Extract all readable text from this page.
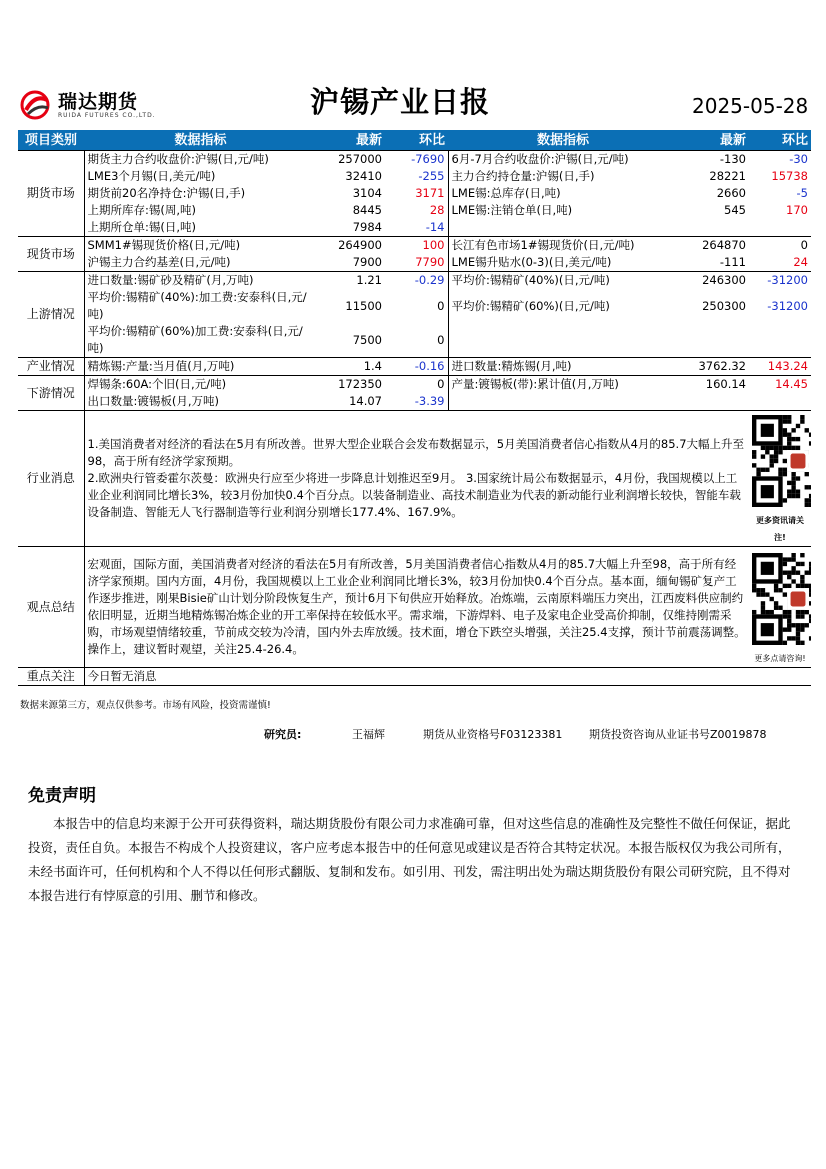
瑞达期货
RUIDA FUTURES CO.,LTD.	沪锡产业日报	2025-05-28
项目类别	数据指标	最新	环比	数据指标	最新	环比
期货市场	期货主力合约收盘价:沪锡(日,元/吨)	257000	-7690	6月-7月合约收盘价:沪锡(日,元/吨)	-130	-30
	LME3个月锡(日,美元/吨)	32410	-255	主力合约持仓量:沪锡(日,手)	28221	15738
	期货前20名净持仓:沪锡(日,手)	3104	3171	LME锡:总库存(日,吨)	2660	-5
	上期所库存:锡(周,吨)	8445	28	LME锡:注销仓单(日,吨)	545	170
	上期所仓单:锡(日,吨)	7984	-14			
现货市场	SMM1#锡现货价格(日,元/吨)	264900	100	长江有色市场1#锡现货价(日,元/吨)	264870	0
	沪锡主力合约基差(日,元/吨)	7900	7790	LME锡升贴水(0-3)(日,美元/吨)	-111	24
上游情况	进口数量:锡矿砂及精矿(月,万吨)	1.21	-0.29	平均价:锡精矿(40%)(日,元/吨)	246300	-31200
	平均价:锡精矿(40%):加工费:安泰科(日,元/吨)	11500	0	平均价:锡精矿(60%)(日,元/吨)	250300	-31200
	平均价:锡精矿(60%)加工费:安泰科(日,元/吨)	7500	0			
产业情况	精炼锡:产量:当月值(月,万吨)	1.4	-0.16	进口数量:精炼锡(月,吨)	3762.32	143.24
下游情况	焊锡条:60A:个旧(日,元/吨)	172350	0	产量:镀锡板(带):累计值(月,万吨)	160.14	14.45
	出口数量:镀锡板(月,万吨)	14.07	-3.39			
行业消息	1.美国消费者对经济的看法在5月有所改善。世界大型企业联合会发布数据显示，5月美国消费者信心指数从4月的85.7大幅上升至98，高于所有经济学家预期。
2.欧洲央行管委霍尔茨曼：欧洲央行应至少将进一步降息计划推迟至9月。 3.国家统计局公布数据显示，4月份，我国规模以上工业企业利润同比增长3%，较3月份加快0.4个百分点。以装备制造业、高技术制造业为代表的新动能行业利润增长较快，智能车载设备制造、智能无人飞行器制造等行业利润分别增长177.4%、167.9%。					更多资讯请关注!

观点总结	宏观面，国际方面，美国消费者对经济的看法在5月有所改善，5月美国消费者信心指数从4月的85.7大幅上升至98，高于所有经济学家预期。国内方面，4月份，我国规模以上工业企业利润同比增长3%，较3月份加快0.4个百分点。基本面，缅甸锡矿复产工作逐步推进，刚果Bisie矿山计划分阶段恢复生产，预计6月下旬供应开始释放。冶炼端，云南原料端压力突出，江西废料供应制约依旧明显，近期当地精炼锡冶炼企业的开工率保持在较低水平。需求端，下游焊料、电子及家电企业受高价抑制，仅维持刚需采购，市场观望情绪较重，节前成交较为冷清，国内外去库放缓。技术面，增仓下跌空头增强，关注25.4支撑，预计节前震荡调整。操作上，建议暂时观望，关注25.4-26.4。					更多点请咨询!

重点关注	今日暂无消息					
数据来源第三方，观点仅供参考。市场有风险，投资需谨慎!
研究员:	王福辉	期货从业资格号F03123381 期货投资咨询从业证书号Z0019878
免责声明
本报告中的信息均来源于公开可获得资料，瑞达期货股份有限公司力求准确可靠，但对这些信息的准确性及完整性不做任何保证，据此投资，责任自负。本报告不构成个人投资建议，客户应考虑本报告中的任何意见或建议是否符合其特定状况。本报告版权仅为我公司所有，未经书面许可，任何机构和个人不得以任何形式翻版、复制和发布。如引用、刊发，需注明出处为瑞达期货股份有限公司研究院，且不得对本报告进行有悖原意的引用、删节和修改。
